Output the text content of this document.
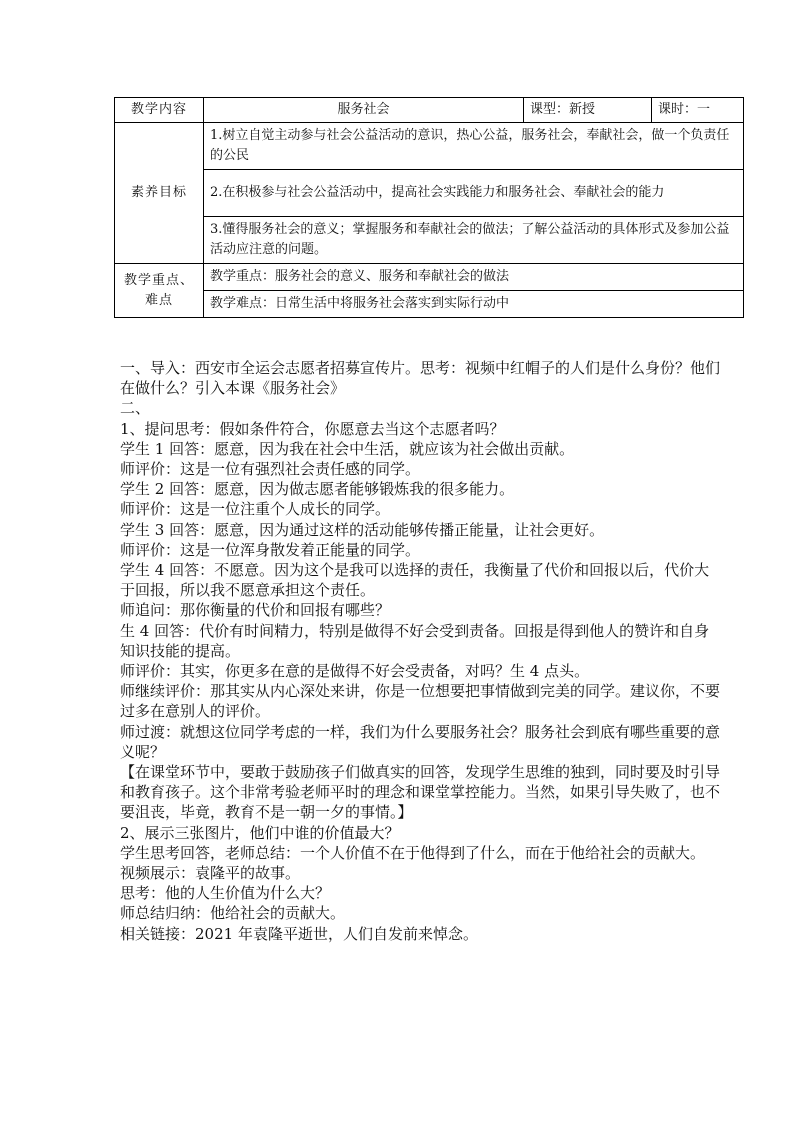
教学内容	服务社会	课型：新授	课时：一
素养目标	1.树立自觉主动参与社会公益活动的意识，热心公益，服务社会，奉献社会，做一个负责任的公民		
	2.在积极参与社会公益活动中，提高社会实践能力和服务社会、奉献社会的能力		
	3.懂得服务社会的意义；掌握服务和奉献社会的做法；了解公益活动的具体形式及参加公益活动应注意的问题。		
教学重点、
难点	教学重点：服务社会的意义、服务和奉献社会的做法		
	教学难点：日常生活中将服务社会落实到实际行动中		

一、导入：西安市全运会志愿者招募宣传片。思考：视频中红帽子的人们是什么身份？他们在做什么？引入本课《服务社会》

二、

1、提问思考：假如条件符合，你愿意去当这个志愿者吗？

学生 1 回答：愿意，因为我在社会中生活，就应该为社会做出贡献。

师评价：这是一位有强烈社会责任感的同学。

学生 2 回答：愿意，因为做志愿者能够锻炼我的很多能力。

师评价：这是一位注重个人成长的同学。

学生 3 回答：愿意，因为通过这样的活动能够传播正能量，让社会更好。

师评价：这是一位浑身散发着正能量的同学。

学生 4 回答：不愿意。因为这个是我可以选择的责任，我衡量了代价和回报以后，代价大于回报，所以我不愿意承担这个责任。

师追问：那你衡量的代价和回报有哪些？

生 4 回答：代价有时间精力，特别是做得不好会受到责备。回报是得到他人的赞许和自身知识技能的提高。

师评价：其实，你更多在意的是做得不好会受责备，对吗？生 4 点头。

师继续评价：那其实从内心深处来讲，你是一位想要把事情做到完美的同学。建议你，不要过多在意别人的评价。

师过渡：就想这位同学考虑的一样，我们为什么要服务社会？服务社会到底有哪些重要的意义呢？

【在课堂环节中，要敢于鼓励孩子们做真实的回答，发现学生思维的独到，同时要及时引导和教育孩子。这个非常考验老师平时的理念和课堂掌控能力。当然，如果引导失败了，也不要沮丧，毕竟，教育不是一朝一夕的事情。】

2、展示三张图片，他们中谁的价值最大？

学生思考回答，老师总结：一个人价值不在于他得到了什么，而在于他给社会的贡献大。

视频展示：袁隆平的故事。

思考：他的人生价值为什么大？

师总结归纳：他给社会的贡献大。

相关链接：2021 年袁隆平逝世，人们自发前来悼念。
